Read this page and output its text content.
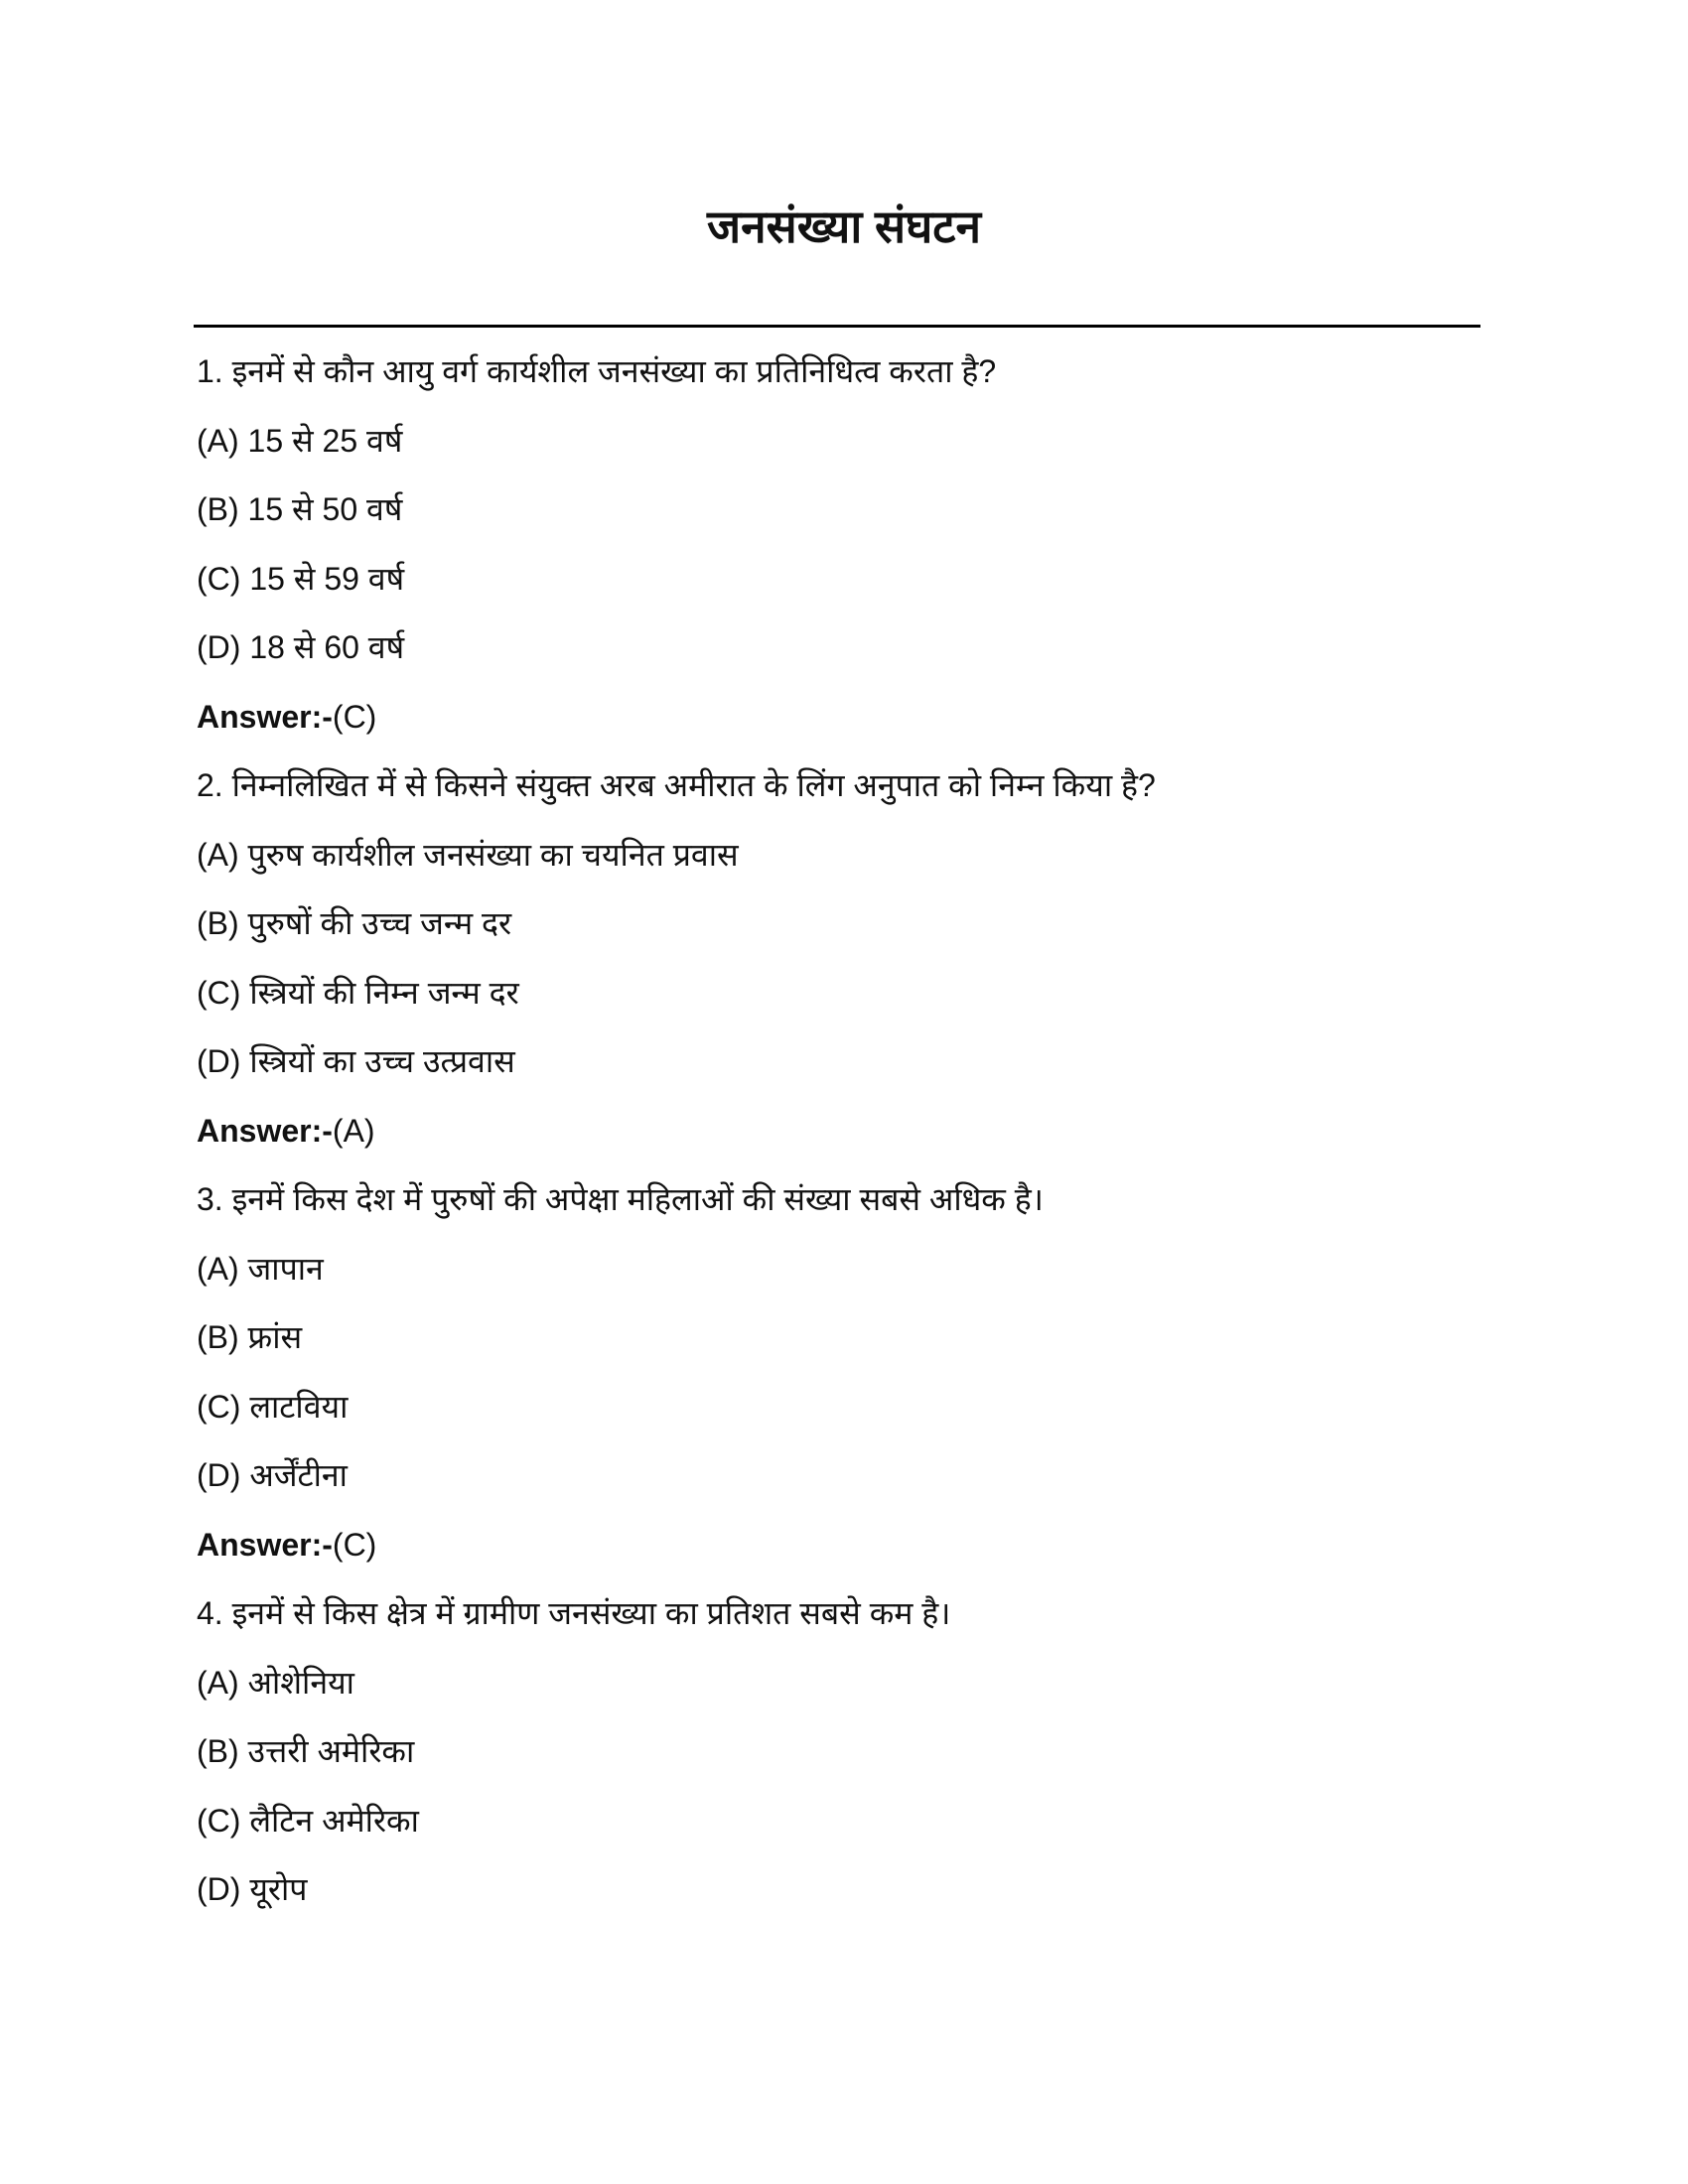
जनसंख्या संघटन
1. इनमें से कौन आयु वर्ग कार्यशील जनसंख्या का प्रतिनिधित्व करता है?
(A) 15 से 25 वर्ष
(B) 15 से 50 वर्ष
(C) 15 से 59 वर्ष
(D) 18 से 60 वर्ष
Answer:-(C)
2. निम्नलिखित में से किसने संयुक्त अरब अमीरात के लिंग अनुपात को निम्न किया है?
(A) पुरुष कार्यशील जनसंख्या का चयनित प्रवास
(B) पुरुषों की उच्च जन्म दर
(C) स्त्रियों की निम्न जन्म दर
(D) स्त्रियों का उच्च उत्प्रवास
Answer:-(A)
3. इनमें किस देश में पुरुषों की अपेक्षा महिलाओं की संख्या सबसे अधिक है।
(A) जापान
(B) फ्रांस
(C) लाटविया
(D) अर्जेंटीना
Answer:-(C)
4. इनमें से किस क्षेत्र में ग्रामीण जनसंख्या का प्रतिशत सबसे कम है।
(A) ओशेनिया
(B) उत्तरी अमेरिका
(C) लैटिन अमेरिका
(D) यूरोप
